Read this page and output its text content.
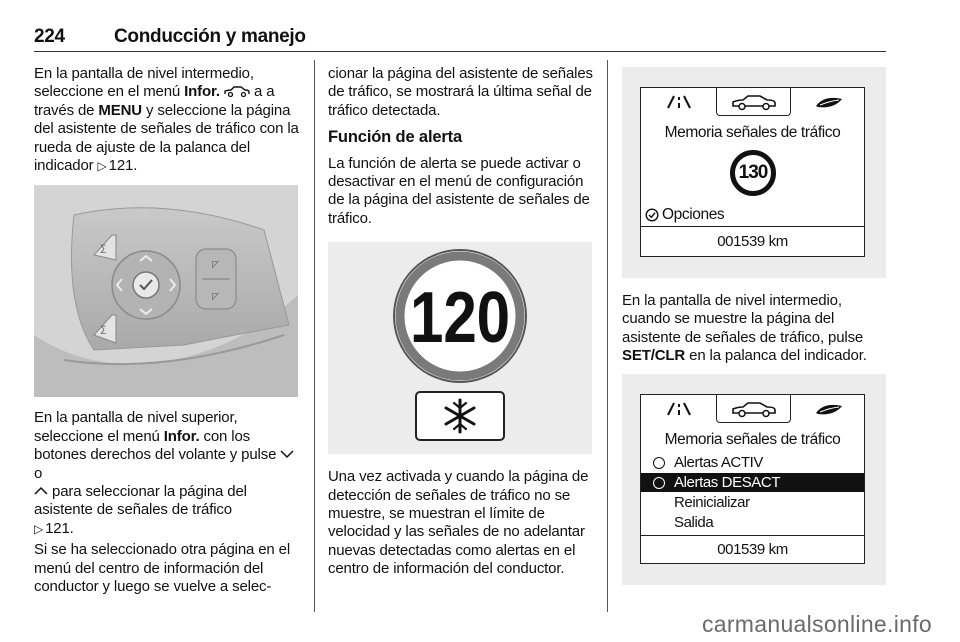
224	Conducción y manejo

En la pantalla de nivel intermedio, seleccione en el menú Infor. a a través de MENU y seleccione la página del asistente de señales de tráfico con la rueda de ajuste de la palanca del indicador ▷ 121.

∑
∑
◸
◸

En la pantalla de nivel superior, seleccione el menú Infor. con los botones derechos del volante y pulse  o
para seleccionar la página del asistente de señales de tráfico
▷ 121.

Si se ha seleccionado otra página en el menú del centro de información del conductor y luego se vuelve a selec-

cionar la página del asistente de señales de tráfico, se mostrará la última señal de tráfico detectada.

Función de alerta

La función de alerta se puede activar o desactivar en el menú de configuración de la página del asistente de señales de tráfico.

120

Una vez activada y cuando la página de detección de señales de tráfico no se muestre, se muestran el límite de velocidad y las señales de no adelantar nuevas detectadas como alertas en el centro de información del conductor.

Memoria señales de tráfico
130
Opciones
001539 km

En la pantalla de nivel intermedio, cuando se muestre la página del asistente de señales de tráfico, pulse SET/CLR en la palanca del indicador.

Memoria señales de tráfico
Alertas ACTIV
Alertas DESACT
Reinicializar
Salida
001539 km
carmanualsonline.info
